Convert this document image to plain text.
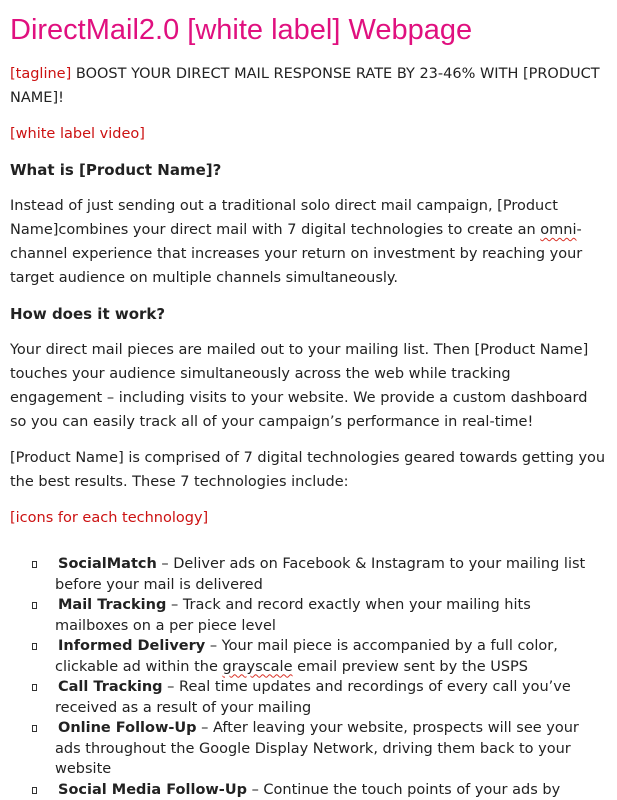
DirectMail2.0 [white label] Webpage

[tagline] BOOST YOUR DIRECT MAIL RESPONSE RATE BY 23-46% WITH [PRODUCT NAME]!

[white label video]

What is [Product Name]?

Instead of just sending out a traditional solo direct mail campaign, [Product Name]combines your direct mail with 7 digital technologies to create an omni-channel experience that increases your return on investment by reaching your target audience on multiple channels simultaneously.

How does it work?

Your direct mail pieces are mailed out to your mailing list. Then [Product Name] touches your audience simultaneously across the web while tracking engagement – including visits to your website. We provide a custom dashboard so you can easily track all of your campaign’s performance in real-time!

[Product Name] is comprised of 7 digital technologies geared towards getting you the best results. These 7 technologies include:

[icons for each technology]

SocialMatch – Deliver ads on Facebook & Instagram to your mailing list before your mail is delivered
Mail Tracking – Track and record exactly when your mailing hits mailboxes on a per piece level
Informed Delivery – Your mail piece is accompanied by a full color, clickable ad within the grayscale email preview sent by the USPS
Call Tracking – Real time updates and recordings of every call you’ve received as a result of your mailing
Online Follow-Up – After leaving your website, prospects will see your ads throughout the Google Display Network, driving them back to your website
Social Media Follow-Up – Continue the touch points of your ads by
